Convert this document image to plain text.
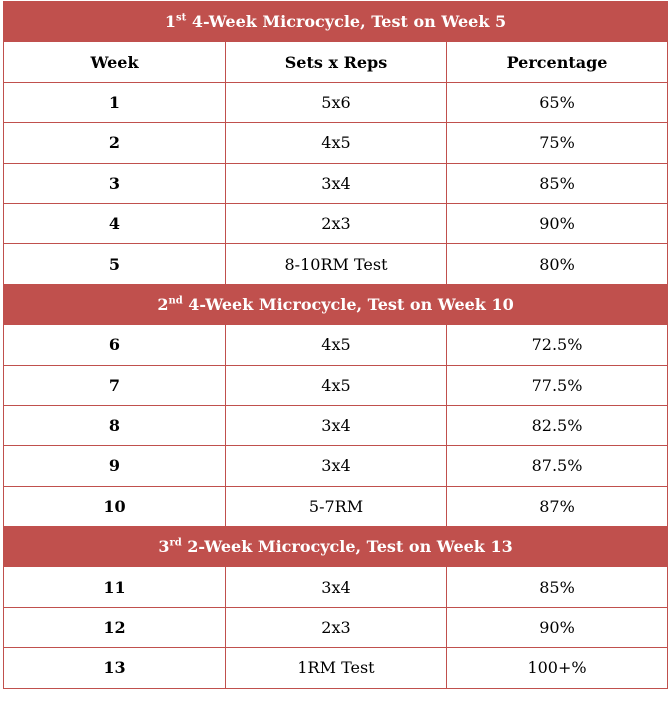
1st 4-Week Microcycle, Test on Week 5		
Week	Sets x Reps	Percentage
1	5x6	65%
2	4x5	75%
3	3x4	85%
4	2x3	90%
5	8-10RM Test	80%
2nd 4-Week Microcycle, Test on Week 10		
6	4x5	72.5%
7	4x5	77.5%
8	3x4	82.5%
9	3x4	87.5%
10	5-7RM	87%
3rd 2-Week Microcycle, Test on Week 13		
11	3x4	85%
12	2x3	90%
13	1RM Test	100+%
